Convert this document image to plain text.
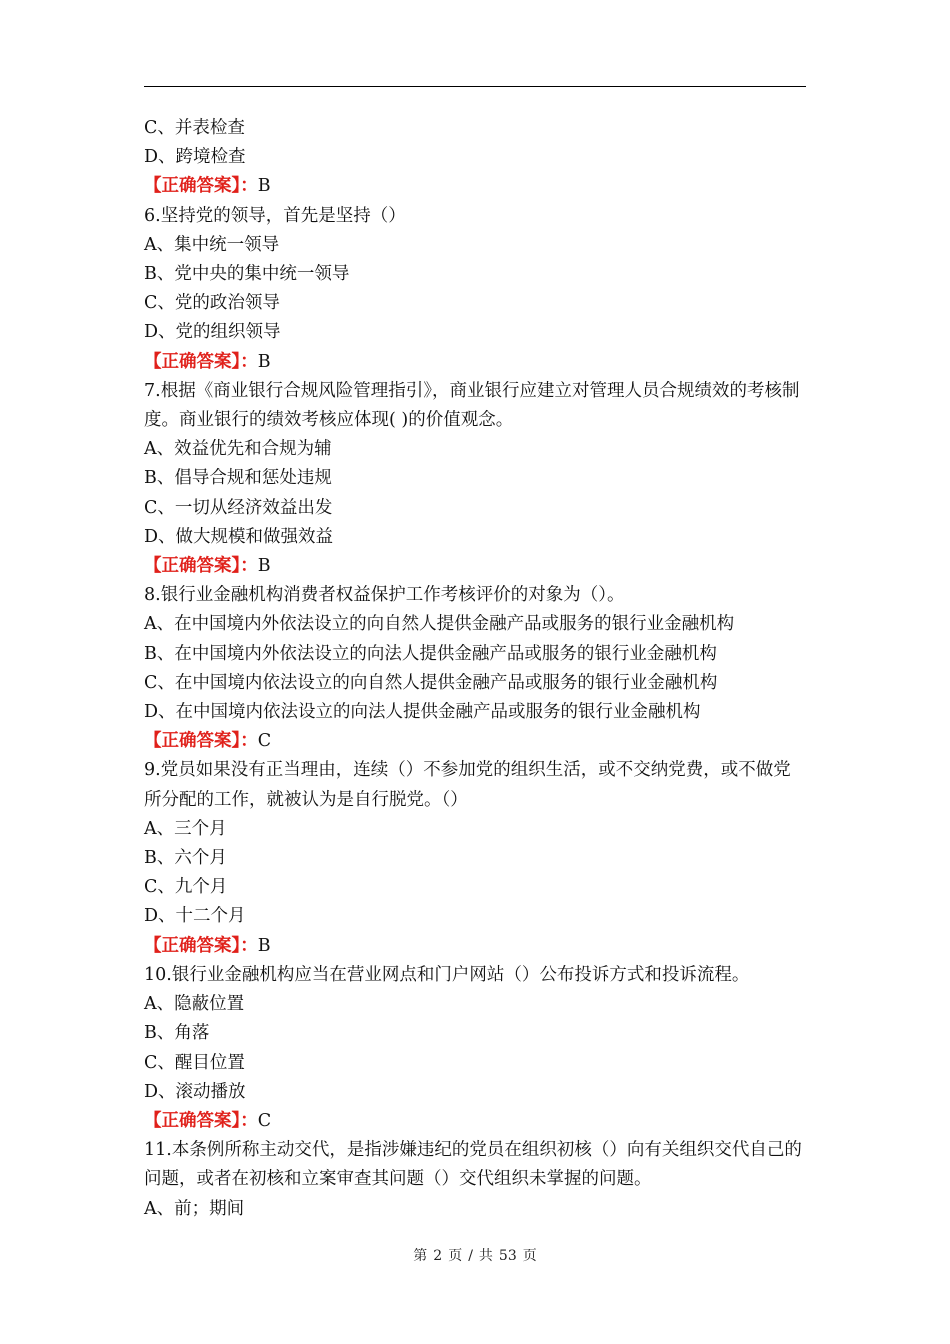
C、并表检查
D、跨境检查
【正确答案】：B
6.坚持党的领导，首先是坚持（）
A、集中统一领导
B、党中央的集中统一领导
C、党的政治领导
D、党的组织领导
【正确答案】：B
7.根据《商业银行合规风险管理指引》，商业银行应建立对管理人员合规绩效的考核制度。商业银行的绩效考核应体现( )的价值观念。
A、效益优先和合规为辅
B、倡导合规和惩处违规
C、一切从经济效益出发
D、做大规模和做强效益
【正确答案】：B
8.银行业金融机构消费者权益保护工作考核评价的对象为（）。
A、在中国境内外依法设立的向自然人提供金融产品或服务的银行业金融机构
B、在中国境内外依法设立的向法人提供金融产品或服务的银行业金融机构
C、在中国境内依法设立的向自然人提供金融产品或服务的银行业金融机构
D、在中国境内依法设立的向法人提供金融产品或服务的银行业金融机构
【正确答案】：C
9.党员如果没有正当理由，连续（）不参加党的组织生活，或不交纳党费，或不做党所分配的工作，就被认为是自行脱党。（）
A、三个月
B、六个月
C、九个月
D、十二个月
【正确答案】：B
10.银行业金融机构应当在营业网点和门户网站（）公布投诉方式和投诉流程。
A、隐蔽位置
B、角落
C、醒目位置
D、滚动播放
【正确答案】：C
11.本条例所称主动交代，是指涉嫌违纪的党员在组织初核（）向有关组织交代自己的问题，或者在初核和立案审查其问题（）交代组织未掌握的问题。
A、前；期间
第 2 页 / 共 53 页
